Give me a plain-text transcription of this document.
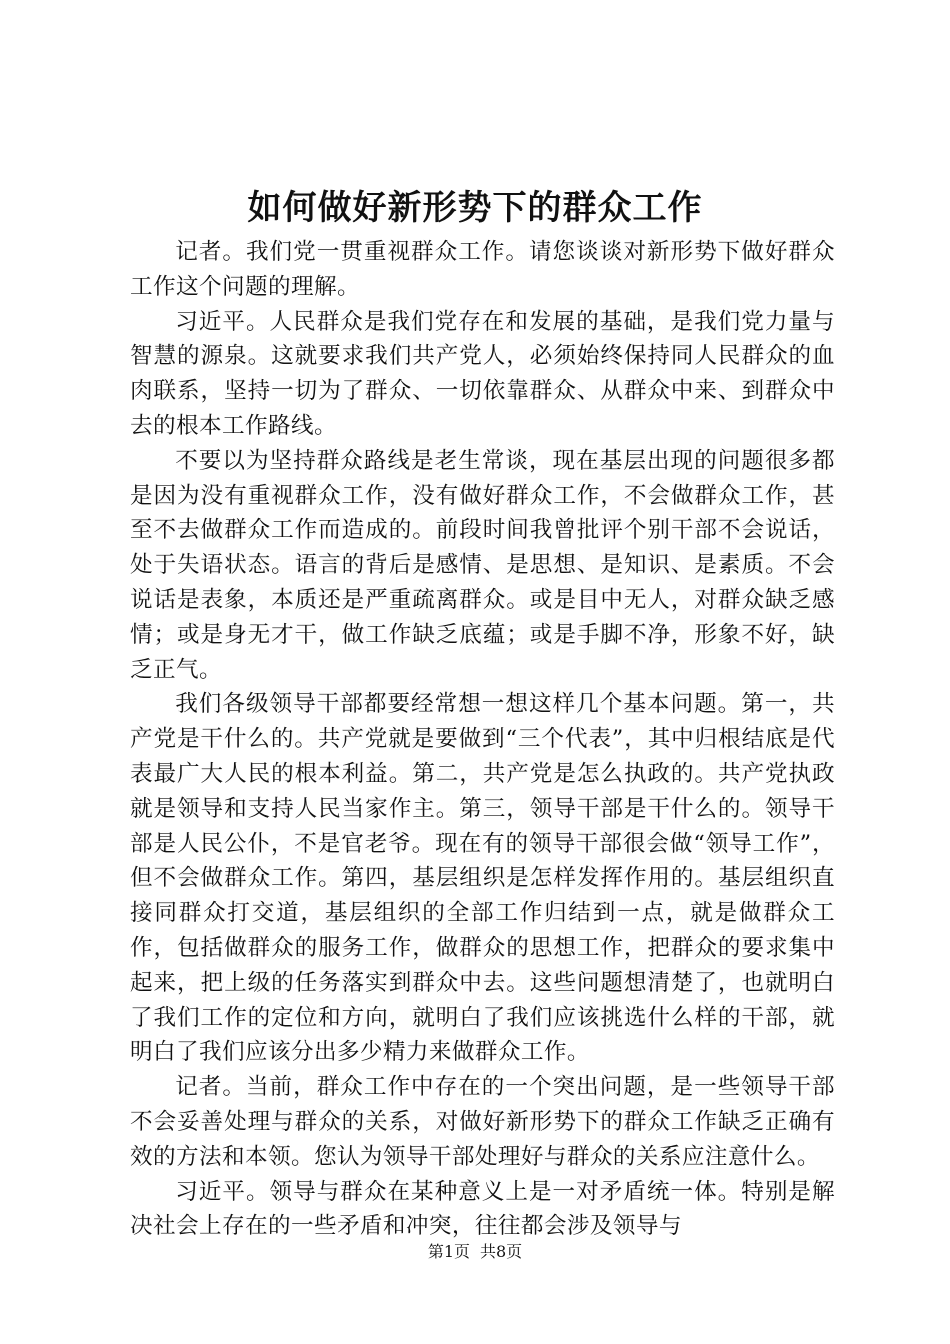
如何做好新形势下的群众工作

记者。我们党一贯重视群众工作。请您谈谈对新形势下做好群众工作这个问题的理解。

习近平。人民群众是我们党存在和发展的基础，是我们党力量与智慧的源泉。这就要求我们共产党人，必须始终保持同人民群众的血肉联系，坚持一切为了群众、一切依靠群众、从群众中来、到群众中去的根本工作路线。

不要以为坚持群众路线是老生常谈，现在基层出现的问题很多都是因为没有重视群众工作，没有做好群众工作，不会做群众工作，甚至不去做群众工作而造成的。前段时间我曾批评个别干部不会说话，处于失语状态。语言的背后是感情、是思想、是知识、是素质。不会说话是表象，本质还是严重疏离群众。或是目中无人，对群众缺乏感情；或是身无才干，做工作缺乏底蕴；或是手脚不净，形象不好，缺乏正气。

我们各级领导干部都要经常想一想这样几个基本问题。第一，共产党是干什么的。共产党就是要做到“三个代表”，其中归根结底是代表最广大人民的根本利益。第二，共产党是怎么执政的。共产党执政就是领导和支持人民当家作主。第三，领导干部是干什么的。领导干部是人民公仆，不是官老爷。现在有的领导干部很会做“领导工作”，但不会做群众工作。第四，基层组织是怎样发挥作用的。基层组织直接同群众打交道，基层组织的全部工作归结到一点，就是做群众工作，包括做群众的服务工作，做群众的思想工作，把群众的要求集中起来，把上级的任务落实到群众中去。这些问题想清楚了，也就明白了我们工作的定位和方向，就明白了我们应该挑选什么样的干部，就明白了我们应该分出多少精力来做群众工作。

记者。当前，群众工作中存在的一个突出问题，是一些领导干部不会妥善处理与群众的关系，对做好新形势下的群众工作缺乏正确有效的方法和本领。您认为领导干部处理好与群众的关系应注意什么。

习近平。领导与群众在某种意义上是一对矛盾统一体。特别是解决社会上存在的一些矛盾和冲突，往往都会涉及领导与

第1页 共8页
